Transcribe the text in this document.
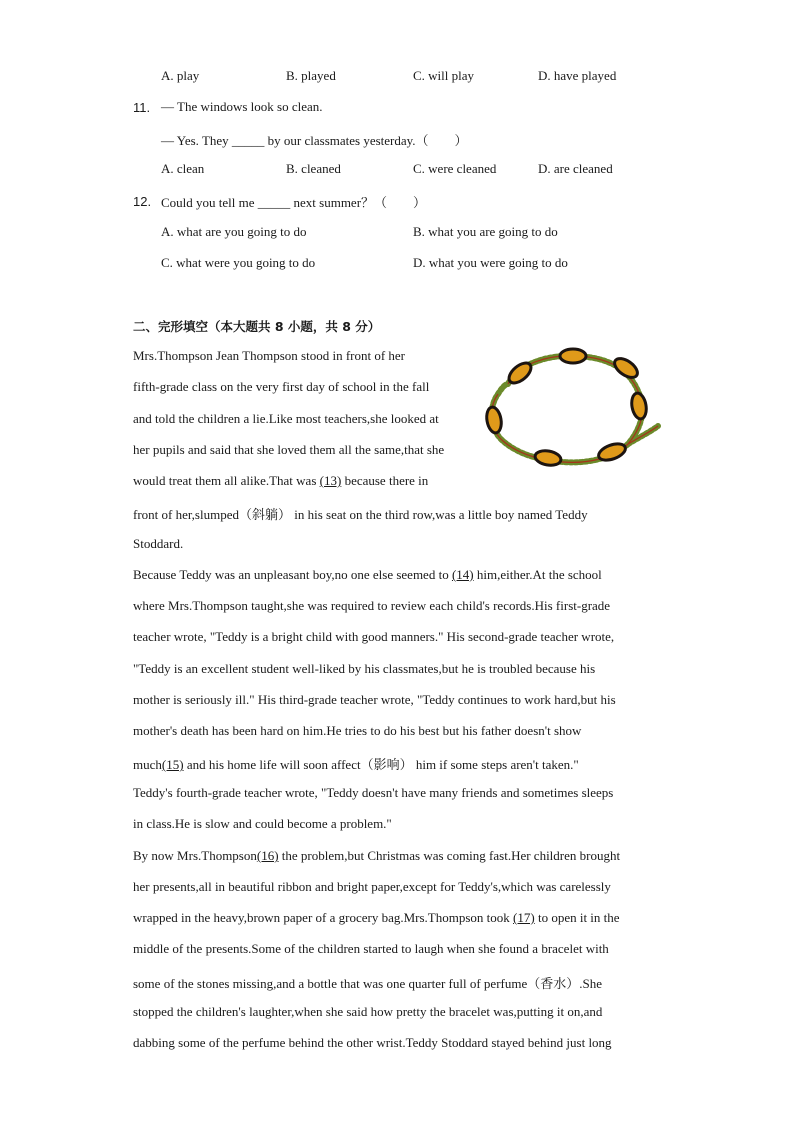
A. play	B. played	C. will play	D. have played
11. — The windows look so clean.
— Yes. They _____ by our classmates yesterday.（　　）
A. clean	B. cleaned	C. were cleaned	D. are cleaned
12. Could you tell me _____ next summer？（　　）
A. what are you going to do	B. what you are going to do
C. what were you going to do	D. what you were going to do
二、完形填空（本大题共 8 小题，共 8 分）
Mrs.Thompson Jean Thompson stood in front of her
fifth-grade class on the very first day of school in the fall
and told the children a lie.Like most teachers,she looked at
her pupils and said that she loved them all the same,that she
would treat them all alike.That was (13) because there in
front of her,slumped（斜躺） in his seat on the third row,was a little boy named Teddy
Stoddard.
Because Teddy was an unpleasant boy,no one else seemed to (14) him,either.At the school
where Mrs.Thompson taught,she was required to review each child's records.His first-grade
teacher wrote, "Teddy is a bright child with good manners." His second-grade teacher wrote,
"Teddy is an excellent student well-liked by his classmates,but he is troubled because his
mother is seriously ill." His third-grade teacher wrote, "Teddy continues to work hard,but his
mother's death has been hard on him.He tries to do his best but his father doesn't show
much(15) and his home life will soon affect（影响） him if some steps aren't taken."
Teddy's fourth-grade teacher wrote, "Teddy doesn't have many friends and sometimes sleeps
in class.He is slow and could become a problem."
By now Mrs.Thompson(16) the problem,but Christmas was coming fast.Her children brought
her presents,all in beautiful ribbon and bright paper,except for Teddy's,which was carelessly
wrapped in the heavy,brown paper of a grocery bag.Mrs.Thompson took (17) to open it in the
middle of the presents.Some of the children started to laugh when she found a bracelet with
some of the stones missing,and a bottle that was one quarter full of perfume（香水）.She
stopped the children's laughter,when she said how pretty the bracelet was,putting it on,and
dabbing some of the perfume behind the other wrist.Teddy Stoddard stayed behind just long
